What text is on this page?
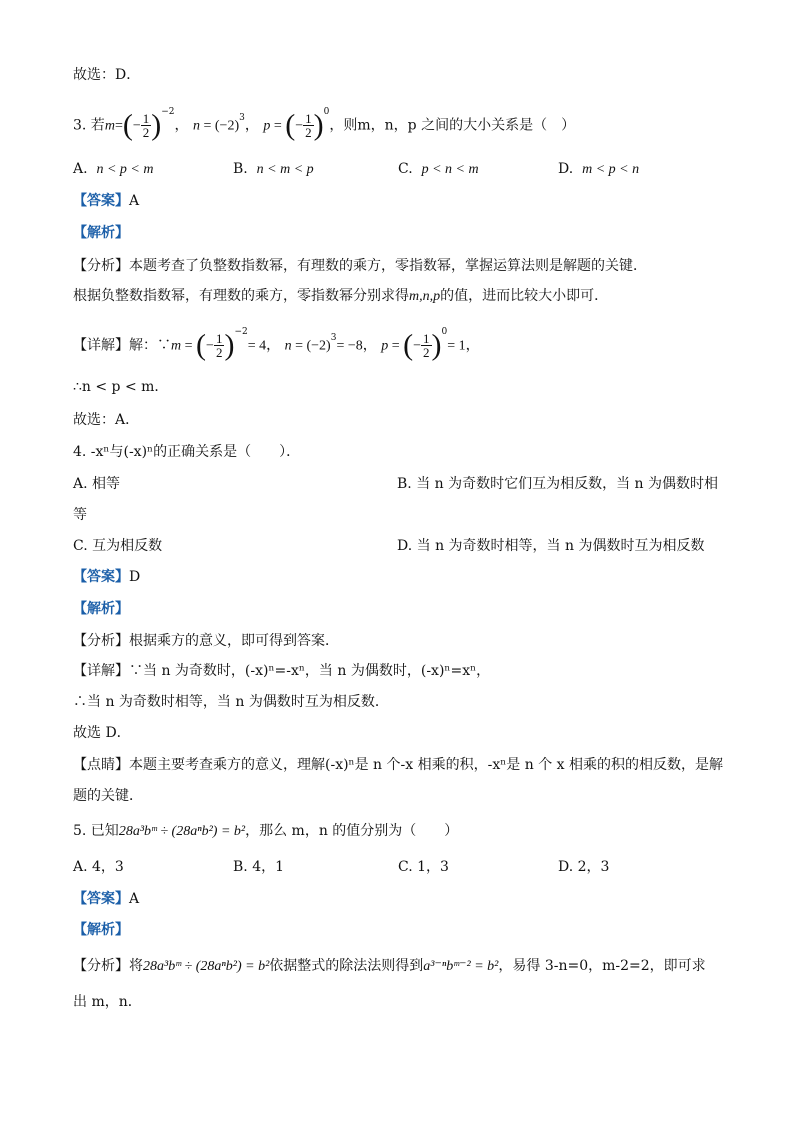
故选：D．
3. 若$m=(- \frac{1}{2} )^{-2}$， $n = (-2)^3$， p = (− $\frac{1}{2} )^0$，则m，n，p 之间的大小关系是（　）
A. n < p < m	B. n < m < p	C. p < n < m	D. m < p < n
【答案】A
【解析】
【分析】本题考查了负整数指数幂，有理数的乘方，零指数幂，掌握运算法则是解题的关键．
根据负整数指数幂，有理数的乘方，零指数幂分别求得m,n,p的值，进而比较大小即可．
【详解】解：∵m = (− $\frac{1}{2} )^{-2}= 4$， $n = (-2)^3= -8$， p = (− $\frac{1}{2} )^0= 1$，
∴n < p < m．
故选：A．
4. -xⁿ与(-x)ⁿ的正确关系是（　　）．
A. 相等	B. 当 n 为奇数时它们互为相反数，当 n 为偶数时相
等
C. 互为相反数	D. 当 n 为奇数时相等，当 n 为偶数时互为相反数
【答案】D
【解析】
【分析】根据乘方的意义，即可得到答案．
【详解】∵当 n 为奇数时，(-x)ⁿ=-xⁿ，当 n 为偶数时，(-x)ⁿ=xⁿ，
∴当 n 为奇数时相等，当 n 为偶数时互为相反数．
故选 D．
【点睛】本题主要考查乘方的意义，理解(-x)ⁿ是 n 个-x 相乘的积，-xⁿ是 n 个 x 相乘的积的相反数，是解
题的关键．
5. 已知28a³bᵐ ÷ (28aⁿb²) = b²，那么 m，n 的值分别为（　　）
A. 4，3	B. 4，1	C. 1，3	D. 2，3
【答案】A
【解析】
【分析】将28a³bᵐ ÷ (28aⁿb²) = b²依据整式的除法法则得到a³⁻ⁿbᵐ⁻² = b²，易得 3-n=0，m-2=2，即可求
出 m，n．
